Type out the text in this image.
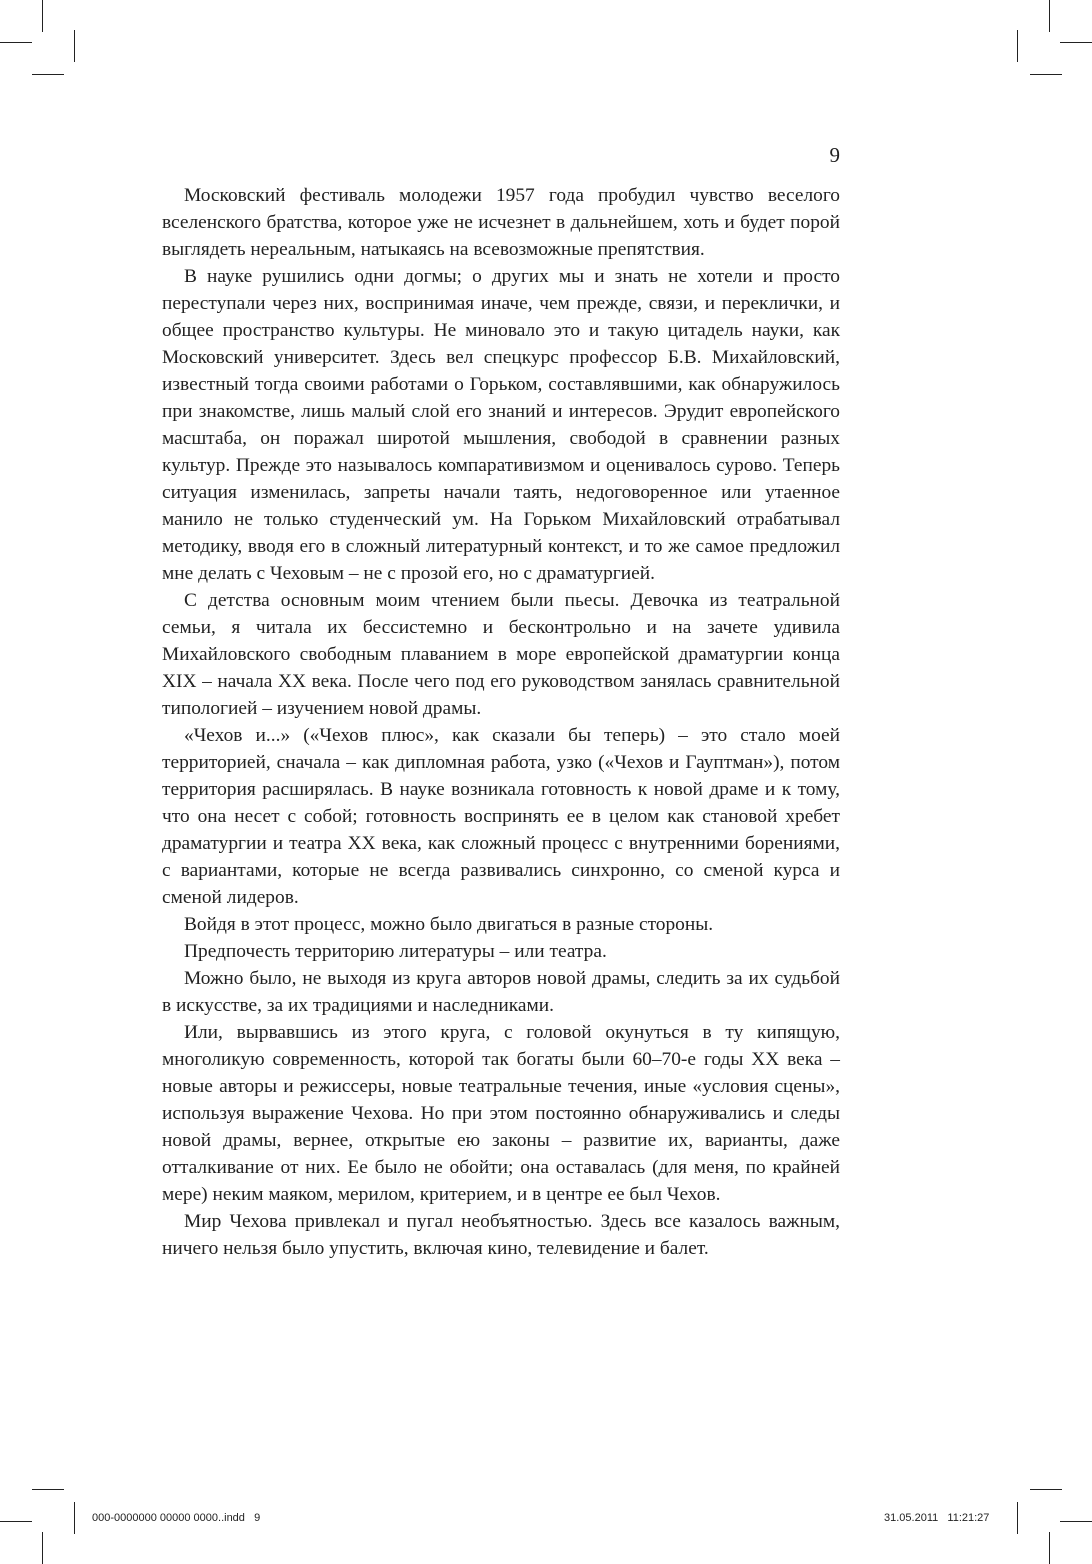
9

Московский фестиваль молодежи 1957 года пробудил чувство веселого вселенского братства, которое уже не исчезнет в дальнейшем, хоть и будет порой выглядеть нереальным, натыкаясь на всевозможные препятствия.

В науке рушились одни догмы; о других мы и знать не хотели и просто переступали через них, воспринимая иначе, чем прежде, связи, и переклички, и общее пространство культуры. Не миновало это и такую цитадель науки, как Московский университет. Здесь вел спецкурс профессор Б.В. Михайловский, известный тогда своими работами о Горьком, составлявшими, как обнаружилось при знакомстве, лишь малый слой его знаний и интересов. Эрудит европейского масштаба, он поражал широтой мышления, свободой в сравнении разных культур. Прежде это называлось компаративизмом и оценивалось сурово. Теперь ситуация изменилась, запреты начали таять, недоговоренное или утаенное манило не только студенческий ум. На Горьком Михайловский отрабатывал методику, вводя его в сложный литературный контекст, и то же самое предложил мне делать с Чеховым – не с прозой его, но с драматургией.

С детства основным моим чтением были пьесы. Девочка из театральной семьи, я читала их бессистемно и бесконтрольно и на зачете удивила Михайловского свободным плаванием в море европейской драматургии конца XIX – начала XX века. После чего под его руководством занялась сравнительной типологией – изучением новой драмы.

«Чехов и...» («Чехов плюс», как сказали бы теперь) – это стало моей территорией, сначала – как дипломная работа, узко («Чехов и Гауптман»), потом территория расширялась. В науке возникала готовность к новой драме и к тому, что она несет с собой; готовность воспринять ее в целом как становой хребет драматургии и театра XX века, как сложный процесс с внутренними борениями, с вариантами, которые не всегда развивались синхронно, со сменой курса и сменой лидеров.

Войдя в этот процесс, можно было двигаться в разные стороны.

Предпочесть территорию литературы – или театра.

Можно было, не выходя из круга авторов новой драмы, следить за их судьбой в искусстве, за их традициями и наследниками.

Или, вырвавшись из этого круга, с головой окунуться в ту кипящую, многоликую современность, которой так богаты были 60–70-е годы XX века – новые авторы и режиссеры, новые театральные течения, иные «условия сцены», используя выражение Чехова. Но при этом постоянно обнаруживались и следы новой драмы, вернее, открытые ею законы – развитие их, варианты, даже отталкивание от них. Ее было не обойти; она оставалась (для меня, по крайней мере) неким маяком, мерилом, критерием, и в центре ее был Чехов.

Мир Чехова привлекал и пугал необъятностью. Здесь все казалось важным, ничего нельзя было упустить, включая кино, телевидение и балет.

000-0000000 00000 0000..indd   9	31.05.2011   11:21:27
